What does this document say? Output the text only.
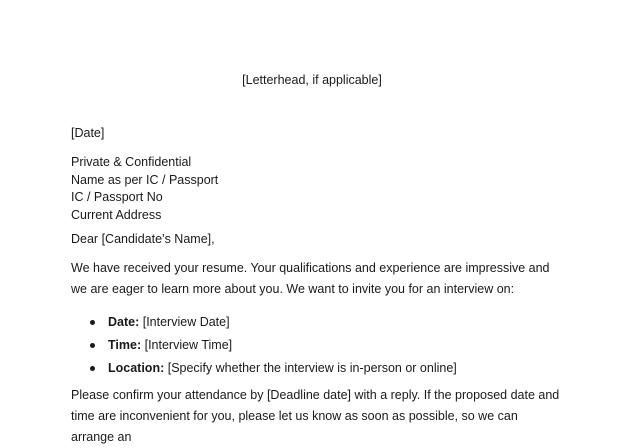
[Letterhead, if applicable]
[Date]
Private & Confidential
Name as per IC / Passport
IC / Passport No
Current Address
Dear [Candidate’s Name],
We have received your resume. Your qualifications and experience are impressive and we are eager to learn more about you. We want to invite you for an interview on:
Date: [Interview Date]
Time: [Interview Time]
Location: [Specify whether the interview is in-person or online]
Please confirm your attendance by [Deadline date] with a reply. If the proposed date and time are inconvenient for you, please let us know as soon as possible, so we can arrange an
